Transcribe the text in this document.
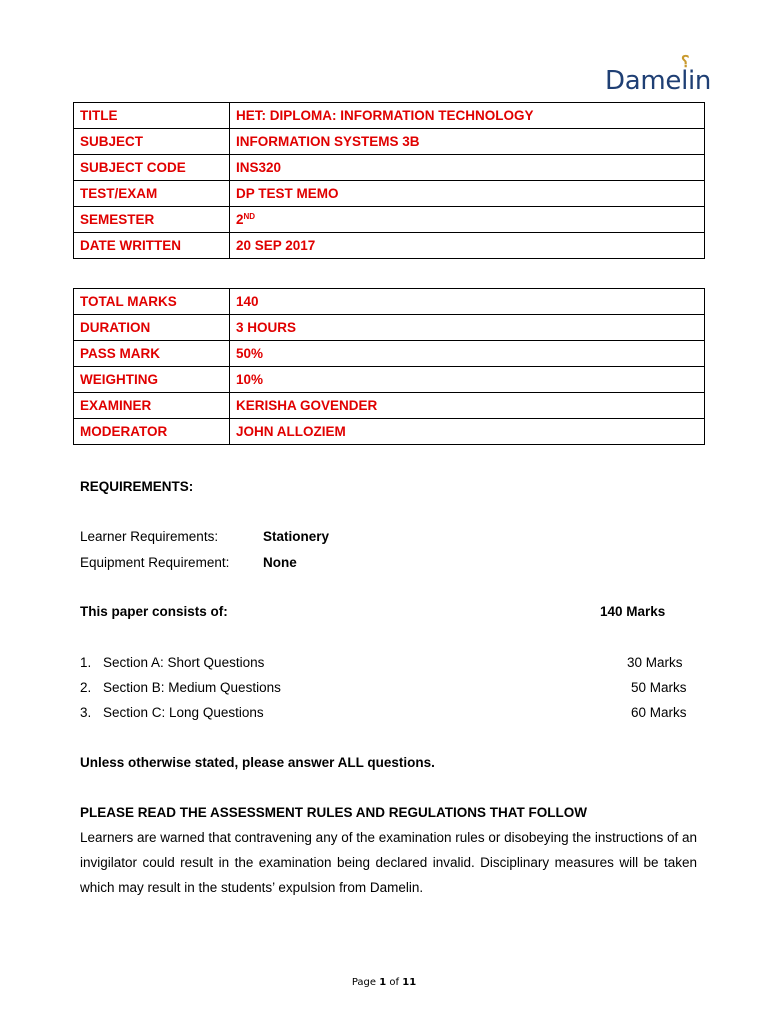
⸮
Damelin
TITLE	HET: DIPLOMA: INFORMATION TECHNOLOGY
SUBJECT	INFORMATION SYSTEMS 3B
SUBJECT CODE	INS320
TEST/EXAM	DP TEST MEMO
SEMESTER	2ND
DATE WRITTEN	20 SEP 2017
TOTAL MARKS	140
DURATION	3 HOURS
PASS MARK	50%
WEIGHTING	10%
EXAMINER	KERISHA GOVENDER
MODERATOR	JOHN ALLOZIEM
REQUIREMENTS:
Learner Requirements:	Stationery
Equipment Requirement: None
This paper consists of:	140 Marks
1. Section A: Short Questions	30 Marks
2. Section B: Medium Questions	50 Marks
3. Section C: Long Questions	60 Marks
Unless otherwise stated, please answer ALL questions.
PLEASE READ THE ASSESSMENT RULES AND REGULATIONS THAT FOLLOW
Learners are warned that contravening any of the examination rules or disobeying the instructions of an invigilator could result in the examination being declared invalid. Disciplinary measures will be taken which may result in the students’ expulsion from Damelin.
Page 1 of 11
